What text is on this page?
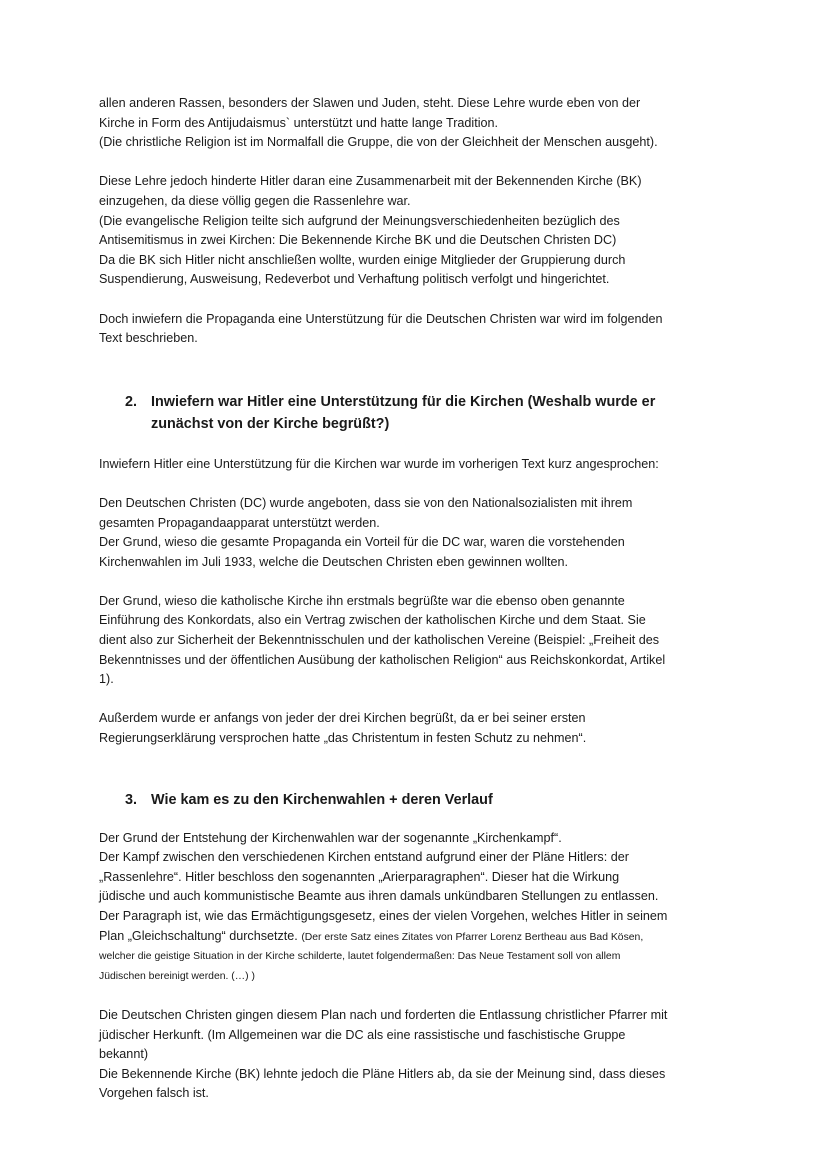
allen anderen Rassen, besonders der Slawen und Juden, steht. Diese Lehre wurde eben von der
Kirche in Form des Antijudaismus` unterstützt und hatte lange Tradition.
(Die christliche Religion ist im Normalfall die Gruppe, die von der Gleichheit der Menschen ausgeht).

Diese Lehre jedoch hinderte Hitler daran eine Zusammenarbeit mit der Bekennenden Kirche (BK)
einzugehen, da diese völlig gegen die Rassenlehre war.
(Die evangelische Religion teilte sich aufgrund der Meinungsverschiedenheiten bezüglich des
Antisemitismus in zwei Kirchen: Die Bekennende Kirche BK und die Deutschen Christen DC)
Da die BK sich Hitler nicht anschließen wollte, wurden einige Mitglieder der Gruppierung durch
Suspendierung, Ausweisung, Redeverbot und Verhaftung politisch verfolgt und hingerichtet.

Doch inwiefern die Propaganda eine Unterstützung für die Deutschen Christen war wird im folgenden
Text beschrieben.

2. Inwiefern war Hitler eine Unterstützung für die Kirchen (Weshalb wurde er
zunächst von der Kirche begrüßt?)

Inwiefern Hitler eine Unterstützung für die Kirchen war wurde im vorherigen Text kurz angesprochen:

Den Deutschen Christen (DC) wurde angeboten, dass sie von den Nationalsozialisten mit ihrem
gesamten Propagandaapparat unterstützt werden.
Der Grund, wieso die gesamte Propaganda ein Vorteil für die DC war, waren die vorstehenden
Kirchenwahlen im Juli 1933, welche die Deutschen Christen eben gewinnen wollten.

Der Grund, wieso die katholische Kirche ihn erstmals begrüßte war die ebenso oben genannte
Einführung des Konkordats, also ein Vertrag zwischen der katholischen Kirche und dem Staat. Sie
dient also zur Sicherheit der Bekenntnisschulen und der katholischen Vereine (Beispiel: „Freiheit des
Bekenntnisses und der öffentlichen Ausübung der katholischen Religion“ aus Reichskonkordat, Artikel
1).

Außerdem wurde er anfangs von jeder der drei Kirchen begrüßt, da er bei seiner ersten
Regierungserklärung versprochen hatte „das Christentum in festen Schutz zu nehmen“.

3. Wie kam es zu den Kirchenwahlen + deren Verlauf

Der Grund der Entstehung der Kirchenwahlen war der sogenannte „Kirchenkampf“.
Der Kampf zwischen den verschiedenen Kirchen entstand aufgrund einer der Pläne Hitlers: der
„Rassenlehre“. Hitler beschloss den sogenannten „Arierparagraphen“. Dieser hat die Wirkung
jüdische und auch kommunistische Beamte aus ihren damals unkündbaren Stellungen zu entlassen.
Der Paragraph ist, wie das Ermächtigungsgesetz, eines der vielen Vorgehen, welches Hitler in seinem
Plan „Gleichschaltung“ durchsetzte. (Der erste Satz eines Zitates von Pfarrer Lorenz Bertheau aus Bad Kösen,
welcher die geistige Situation in der Kirche schilderte, lautet folgendermaßen: Das Neue Testament soll von allem
Jüdischen bereinigt werden. (…) )

Die Deutschen Christen gingen diesem Plan nach und forderten die Entlassung christlicher Pfarrer mit
jüdischer Herkunft. (Im Allgemeinen war die DC als eine rassistische und faschistische Gruppe
bekannt)
Die Bekennende Kirche (BK) lehnte jedoch die Pläne Hitlers ab, da sie der Meinung sind, dass dieses
Vorgehen falsch ist.
